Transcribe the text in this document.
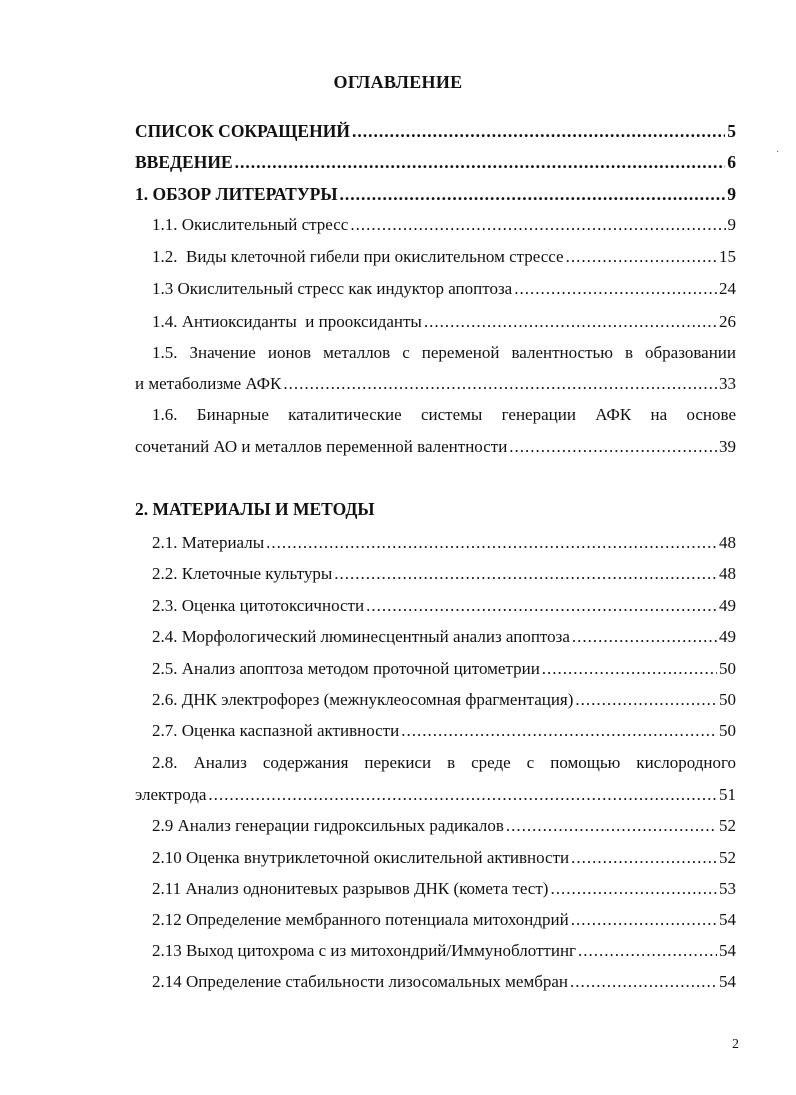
ОГЛАВЛЕНИЕ
·
СПИСОК СОКРАЩЕНИЙ .....	5
ВВЕДЕНИЕ .....	6
1. ОБЗОР ЛИТЕРАТУРЫ .....	9
1.1. Окислительный стресс .....	9
1.2.  Виды клеточной гибели при окислительном стрессе .....	15
1.3 Окислительный стресс как индуктор апоптоза .....	24
1.4. Антиоксиданты  и прооксиданты .....	26
1.5. Значение ионов металлов с переменой валентностью в образовании
и метаболизме АФК .....	33
1.6. Бинарные каталитические системы генерации АФК на основе
сочетаний АО и металлов переменной валентности .....	39
2. МАТЕРИАЛЫ И МЕТОДЫ
2.1. Материалы .....	48
2.2. Клеточные культуры .....	48
2.3. Оценка цитотоксичности .....	49
2.4. Морфологический люминесцентный анализ апоптоза .....	49
2.5. Анализ апоптоза методом проточной цитометрии .....	50
2.6. ДНК электрофорез (межнуклеосомная фрагментация) .....	50
2.7. Оценка каспазной активности .....	50
2.8. Анализ содержания перекиси в среде с помощью кислородного
электрода .....	51
2.9 Анализ генерации гидроксильных радикалов .....	52
2.10 Оценка внутриклеточной окислительной активности .....	52
2.11 Анализ однонитевых разрывов ДНК (комета тест) .....	53
2.12 Определение мембранного потенциала митохондрий .....	54
2.13 Выход цитохрома с из митохондрий/Иммуноблоттинг .....	54
2.14 Определение стабильности лизосомальных мембран .....	54
2
